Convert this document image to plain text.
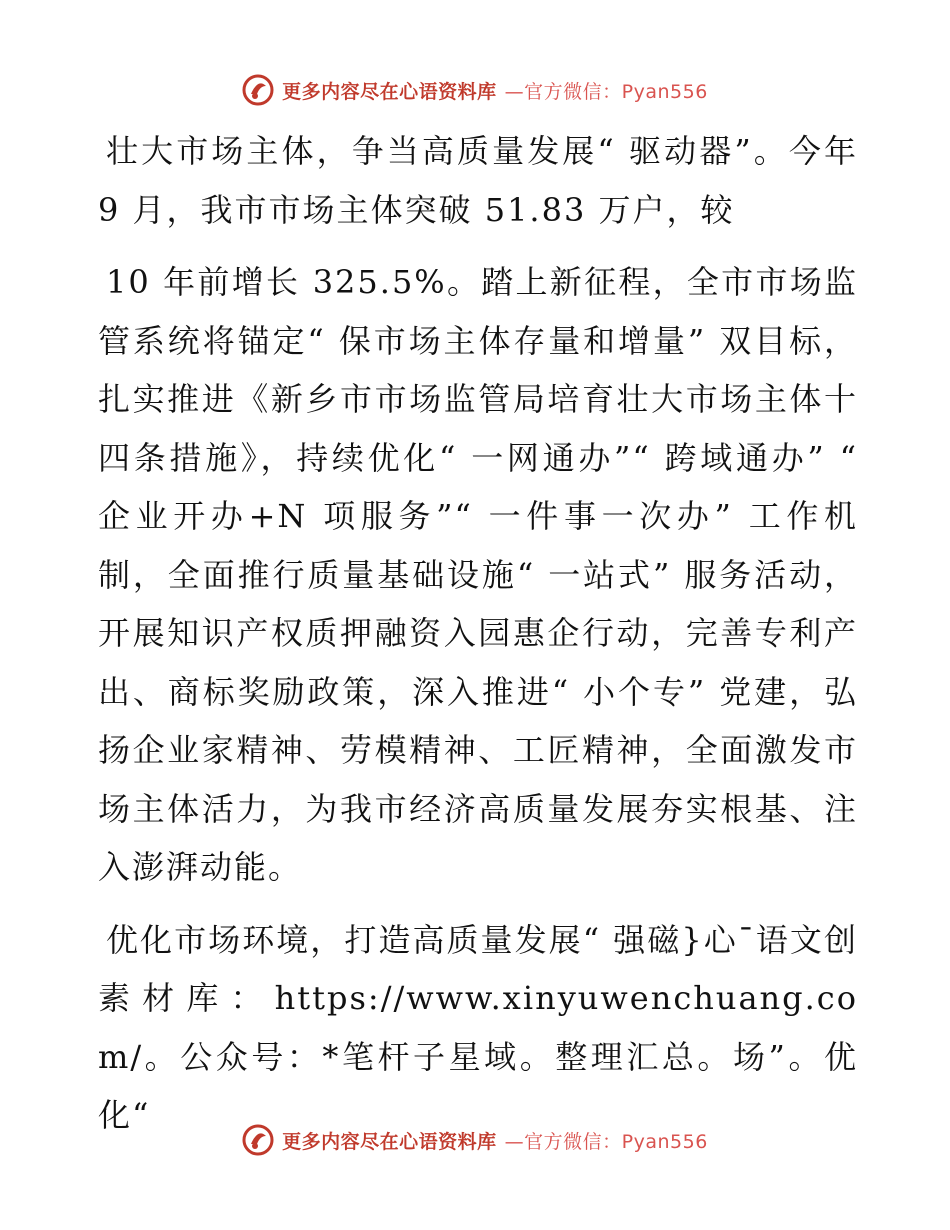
更多内容尽在心语资料库 —官方微信：Pyan556

壮大市场主体，争当高质量发展“ 驱动器”。今年 9 月，我市市场主体突破 51.83 万户，较

10 年前增长 325.5%。踏上新征程，全市市场监管系统将锚定“ 保市场主体存量和增量” 双目标，扎实推进《新乡市市场监管局培育壮大市场主体十四条措施》，持续优化“ 一网通办”“ 跨域通办” “ 企业开办+N 项服务”“ 一件事一次办” 工作机制，全面推行质量基础设施“ 一站式” 服务活动，开展知识产权质押融资入园惠企行动，完善专利产出、商标奖励政策，深入推进“ 小个专” 党建，弘扬企业家精神、劳模精神、工匠精神，全面激发市场主体活力，为我市经济高质量发展夯实根基、注入澎湃动能。

优化市场环境，打造高质量发展“ 强磁}心¯语文创素材库：https://www.xinyuwenchuang.com/。公众号：*笔杆子星域。整理汇总。场”。优化“

更多内容尽在心语资料库 —官方微信：Pyan556
